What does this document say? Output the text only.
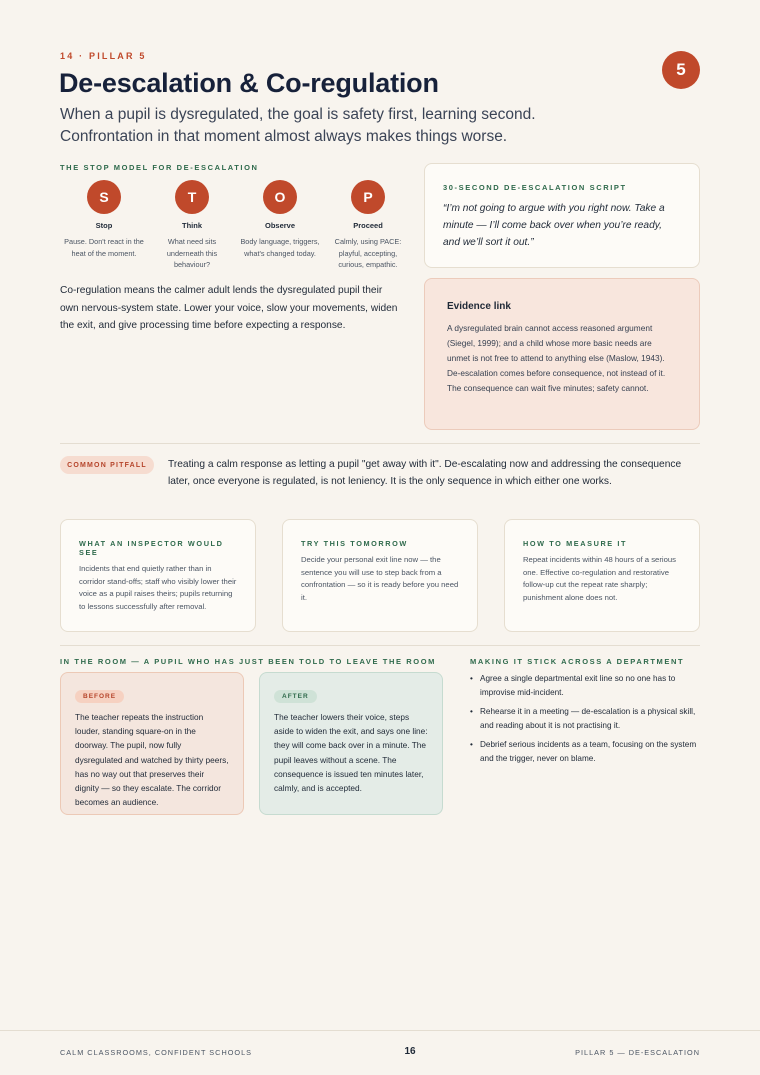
14 · PILLAR 5
5
De-escalation & Co-regulation

When a pupil is dysregulated, the goal is safety first, learning second. Confrontation in that moment almost always makes things worse.

THE STOP MODEL FOR DE-ESCALATION
S
Stop
Pause. Don't react in the heat of the moment.
T
Think
What need sits underneath this behaviour?
O
Observe
Body language, triggers, what's changed today.
P
Proceed
Calmly, using PACE: playful, accepting, curious, empathic.

Co-regulation means the calmer adult lends the dysregulated pupil their own nervous-system state. Lower your voice, slow your movements, widen the exit, and give processing time before expecting a response.

30-SECOND DE-ESCALATION SCRIPT

“I’m not going to argue with you right now. Take a minute — I’ll come back over when you’re ready, and we’ll sort it out.”

Evidence link

A dysregulated brain cannot access reasoned argument (Siegel, 1999); and a child whose more basic needs are unmet is not free to attend to anything else (Maslow, 1943). De-escalation comes before consequence, not instead of it. The consequence can wait five minutes; safety cannot.

COMMON PITFALL	Treating a calm response as letting a pupil "get away with it". De-escalating now and addressing the consequence later, once everyone is regulated, is not leniency. It is the only sequence in which either one works.

WHAT AN INSPECTOR WOULD SEE

Incidents that end quietly rather than in corridor stand-offs; staff who visibly lower their voice as a pupil raises theirs; pupils returning to lessons successfully after removal.

TRY THIS TOMORROW

Decide your personal exit line now — the sentence you will use to step back from a confrontation — so it is ready before you need it.

HOW TO MEASURE IT

Repeat incidents within 48 hours of a serious one. Effective co-regulation and restorative follow-up cut the repeat rate sharply; punishment alone does not.

IN THE ROOM — A PUPIL WHO HAS JUST BEEN TOLD TO LEAVE THE ROOM
BEFORE

The teacher repeats the instruction louder, standing square-on in the doorway. The pupil, now fully dysregulated and watched by thirty peers, has no way out that preserves their dignity — so they escalate. The corridor becomes an audience.

AFTER

The teacher lowers their voice, steps aside to widen the exit, and says one line: they will come back over in a minute. The pupil leaves without a scene. The consequence is issued ten minutes later, calmly, and is accepted.

MAKING IT STICK ACROSS A DEPARTMENT
• Agree a single departmental exit line so no one has to improvise mid-incident.
• Rehearse it in a meeting — de-escalation is a physical skill, and reading about it is not practising it.
• Debrief serious incidents as a team, focusing on the system and the trigger, never on blame.
CALM CLASSROOMS, CONFIDENT SCHOOLS	16	PILLAR 5 — DE-ESCALATION
